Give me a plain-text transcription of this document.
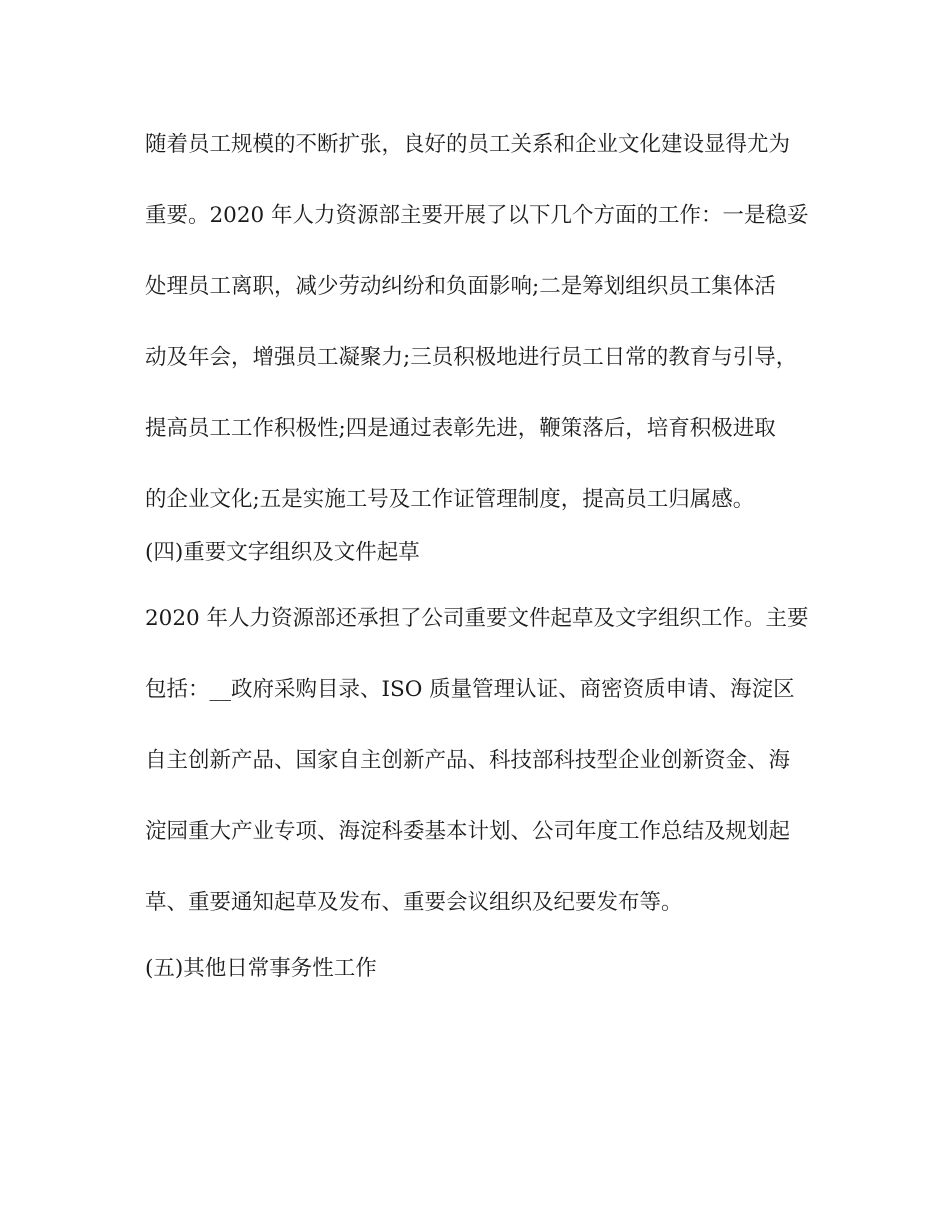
随着员工规模的不断扩张，良好的员工关系和企业文化建设显得尤为
重要。2020 年人力资源部主要开展了以下几个方面的工作：一是稳妥
处理员工离职，减少劳动纠纷和负面影响;二是筹划组织员工集体活
动及年会，增强员工凝聚力;三员积极地进行员工日常的教育与引导，
提高员工工作积极性;四是通过表彰先进，鞭策落后，培育积极进取
的企业文化;五是实施工号及工作证管理制度，提高员工归属感。
(四)重要文字组织及文件起草
2020 年人力资源部还承担了公司重要文件起草及文字组织工作。主要
包括：__政府采购目录、ISO 质量管理认证、商密资质申请、海淀区
自主创新产品、国家自主创新产品、科技部科技型企业创新资金、海
淀园重大产业专项、海淀科委基本计划、公司年度工作总结及规划起
草、重要通知起草及发布、重要会议组织及纪要发布等。
(五)其他日常事务性工作
